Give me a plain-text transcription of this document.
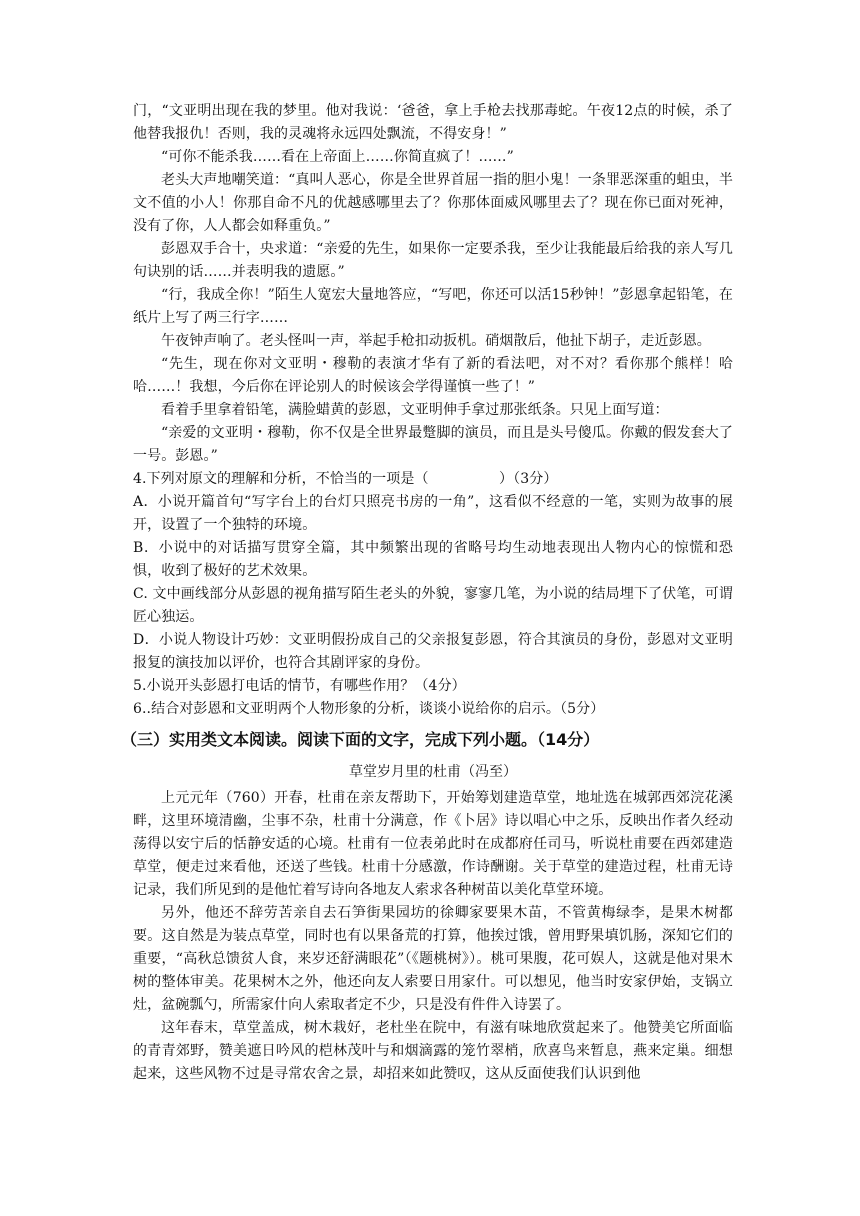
门，“文亚明出现在我的梦里。他对我说：‘爸爸，拿上手枪去找那毒蛇。午夜12点的时候，杀了他替我报仇！否则，我的灵魂将永远四处飘流，不得安身！”

“可你不能杀我……看在上帝面上……你简直疯了！……”

老头大声地嘲笑道：“真叫人恶心，你是全世界首屈一指的胆小鬼！一条罪恶深重的蛆虫，半文不值的小人！你那自命不凡的优越感哪里去了？你那体面威风哪里去了？现在你已面对死神，没有了你，人人都会如释重负。”

彭恩双手合十，央求道：“亲爱的先生，如果你一定要杀我，至少让我能最后给我的亲人写几句诀别的话……并表明我的遗愿。”

“行，我成全你！”陌生人宽宏大量地答应，“写吧，你还可以活15秒钟！”彭恩拿起铅笔，在纸片上写了两三行字……

午夜钟声响了。老头怪叫一声，举起手枪扣动扳机。硝烟散后，他扯下胡子，走近彭恩。

“先生，现在你对文亚明・穆勒的表演才华有了新的看法吧，对不对？看你那个熊样！哈哈……！我想，今后你在评论别人的时候该会学得谨慎一些了！”

看着手里拿着铅笔，满脸蜡黄的彭恩，文亚明伸手拿过那张纸条。只见上面写道：

“亲爱的文亚明・穆勒，你不仅是全世界最蹩脚的演员，而且是头号傻瓜。你戴的假发套大了一号。彭恩。”

4.下列对原文的理解和分析，不恰当的一项是（　　　　　）（3分）

A．小说开篇首句“写字台上的台灯只照亮书房的一角”，这看似不经意的一笔，实则为故事的展开，设置了一个独特的环境。

B．小说中的对话描写贯穿全篇，其中频繁出现的省略号均生动地表现出人物内心的惊慌和恐惧，收到了极好的艺术效果。

C. 文中画线部分从彭恩的视角描写陌生老头的外貌，寥寥几笔，为小说的结局埋下了伏笔，可谓匠心独运。

D．小说人物设计巧妙：文亚明假扮成自己的父亲报复彭恩，符合其演员的身份，彭恩对文亚明报复的演技加以评价，也符合其剧评家的身份。

5.小说开头彭恩打电话的情节，有哪些作用？（4分）

6..结合对彭恩和文亚明两个人物形象的分析，谈谈小说给你的启示。（5分）

（三）实用类文本阅读。阅读下面的文字，完成下列小题。（14分）
草堂岁月里的杜甫（冯至）

上元元年（760）开春，杜甫在亲友帮助下，开始筹划建造草堂，地址选在城郭西郊浣花溪畔，这里环境清幽，尘事不杂，杜甫十分满意，作《卜居》诗以唱心中之乐，反映出作者久经动荡得以安宁后的恬静安适的心境。杜甫有一位表弟此时在成都府任司马，听说杜甫要在西郊建造草堂，便走过来看他，还送了些钱。杜甫十分感激，作诗酬谢。关于草堂的建造过程，杜甫无诗记录，我们所见到的是他忙着写诗向各地友人索求各种树苗以美化草堂环境。

另外，他还不辞劳苦亲自去石笋街果园坊的徐卿家要果木苗，不管黄梅绿李，是果木树都要。这自然是为装点草堂，同时也有以果备荒的打算，他挨过饿，曾用野果填饥肠，深知它们的重要，“高秋总馈贫人食，来岁还舒满眼花”（《题桃树》）。桃可果腹，花可娱人，这就是他对果木树的整体审美。花果树木之外，他还向友人索要日用家什。可以想见，他当时安家伊始，支锅立灶，盆碗瓢勺，所需家什向人索取者定不少，只是没有件件入诗罢了。

这年春末，草堂盖成，树木栽好，老杜坐在院中，有滋有味地欣赏起来了。他赞美它所面临的青青郊野，赞美遮日吟风的桤林茂叶与和烟滴露的笼竹翠梢，欣喜鸟来暂息，燕来定巢。细想起来，这些风物不过是寻常农舍之景，却招来如此赞叹，这从反面使我们认识到他
